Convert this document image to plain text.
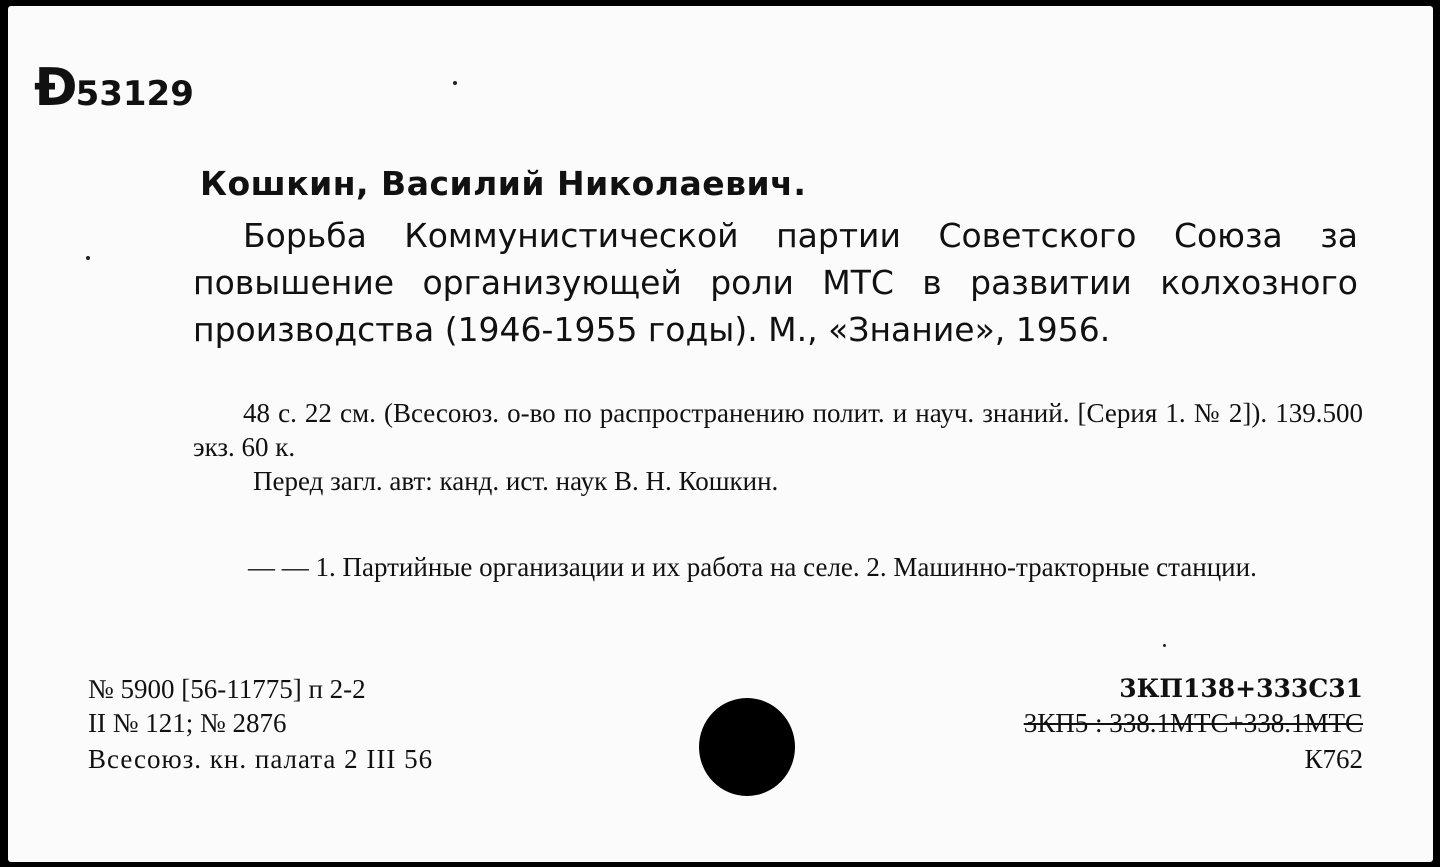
Ð53129

Кошкин, Василий Николаевич.

Борьба Коммунистической партии Советского Союза за повышение организующей роли МТС в развитии колхозного производства (1946-1955 годы). М., «Знание», 1956.

48 с. 22 см. (Всесоюз. о-во по распространению полит. и науч. знаний. [Серия 1. № 2]). 139.500 экз. 60 к.

Перед загл. авт: канд. ист. наук В. Н. Кошкин.

— — 1. Партийные организации и их работа на селе. 2. Машинно-тракторные станции.

№ 5900 [56-11775] п 2-2

II № 121; № 2876

Всесоюз. кн. палата 2 III 56

3КП138+333С31

3КП5 : 338.1МТС+338.1МТС

К762
